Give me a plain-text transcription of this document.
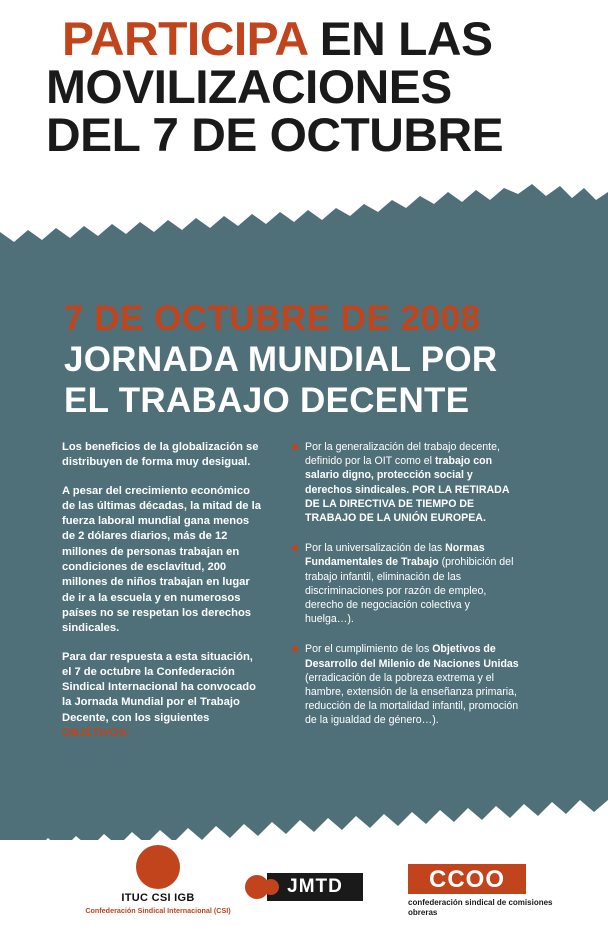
PARTICIPA EN LAS
MOVILIZACIONES
DEL 7 DE OCTUBRE
7 DE OCTUBRE DE 2008
JORNADA MUNDIAL POR
EL TRABAJO DECENTE

Los beneficios de la globalización se distribuyen de forma muy desigual.

A pesar del crecimiento económico de las últimas décadas, la mitad de la fuerza laboral mundial gana menos de 2 dólares diarios, más de 12 millones de personas trabajan en condiciones de esclavitud, 200 millones de niños trabajan en lugar de ir a la escuela y en numerosos países no se respetan los derechos sindicales.

Para dar respuesta a esta situación, el 7 de octubre la Confederación Sindical Internacional ha convocado la Jornada Mundial por el Trabajo Decente, con los siguientes OBJETIVOS:

Por la generalización del trabajo decente, definido por la OIT como el trabajo con salario digno, protección social y derechos sindicales. POR LA RETIRADA DE LA DIRECTIVA DE TIEMPO DE TRABAJO DE LA UNIÓN EUROPEA.
Por la universalización de las Normas Fundamentales de Trabajo (prohibición del trabajo infantil, eliminación de las discriminaciones por razón de empleo, derecho de negociación colectiva y huelga…).
Por el cumplimiento de los Objetivos de Desarrollo del Milenio de Naciones Unidas (erradicación de la pobreza extrema y el hambre, extensión de la enseñanza primaria, reducción de la mortalidad infantil, promoción de la igualdad de género…).
ITUC CSI IGB
Confederación Sindical Internacional (CSI)
JMTD	CCOO
confederación sindical de comisiones obreras
